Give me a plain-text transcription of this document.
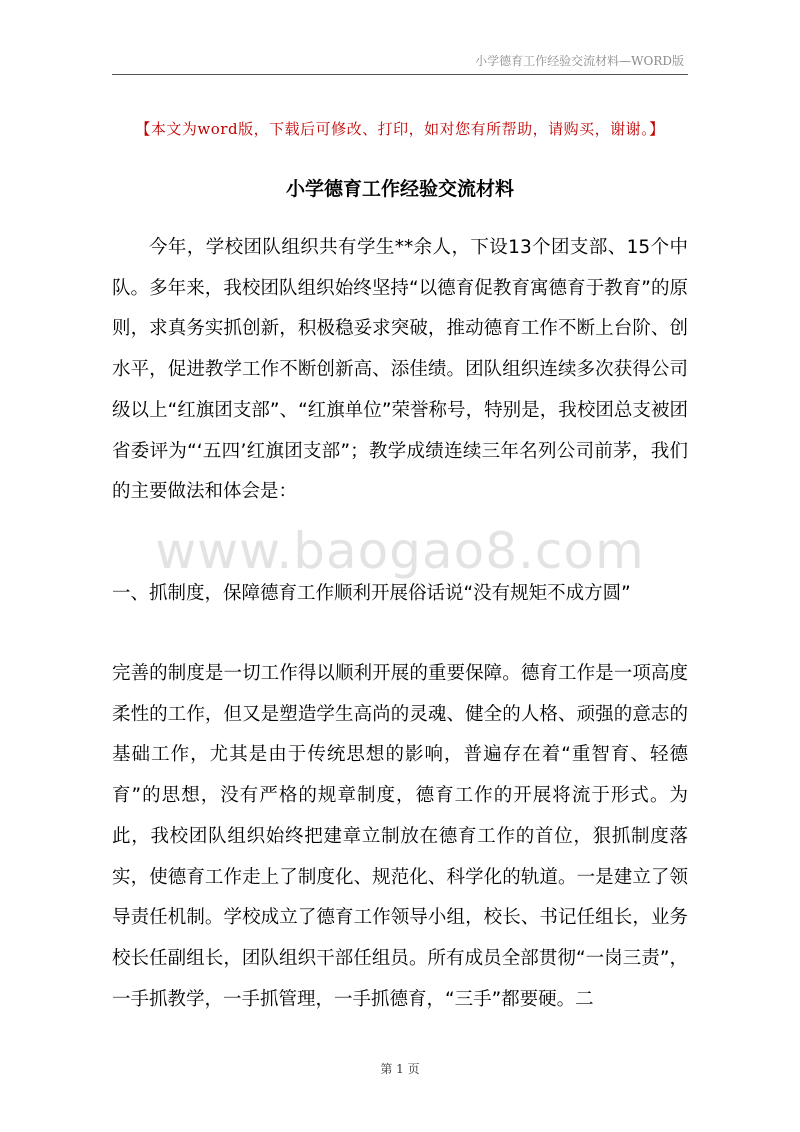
小学德育工作经验交流材料—WORD版
【本文为word版，下载后可修改、打印，如对您有所帮助，请购买，谢谢。】
小学德育工作经验交流材料

今年，学校团队组织共有学生**余人，下设13个团支部、15个中队。多年来，我校团队组织始终坚持“以德育促教育寓德育于教育”的原则，求真务实抓创新，积极稳妥求突破，推动德育工作不断上台阶、创水平，促进教学工作不断创新高、添佳绩。团队组织连续多次获得公司级以上“红旗团支部”、“红旗单位”荣誉称号，特别是，我校团总支被团省委评为“‘五四’红旗团支部”；教学成绩连续三年名列公司前茅，我们的主要做法和体会是：

www.baogao8.com

一、抓制度，保障德育工作顺利开展俗话说“没有规矩不成方圆”

完善的制度是一切工作得以顺利开展的重要保障。德育工作是一项高度柔性的工作，但又是塑造学生高尚的灵魂、健全的人格、顽强的意志的基础工作，尤其是由于传统思想的影响，普遍存在着“重智育、轻德育”的思想，没有严格的规章制度，德育工作的开展将流于形式。为此，我校团队组织始终把建章立制放在德育工作的首位，狠抓制度落实，使德育工作走上了制度化、规范化、科学化的轨道。一是建立了领导责任机制。学校成立了德育工作领导小组，校长、书记任组长，业务校长任副组长，团队组织干部任组员。所有成员全部贯彻“一岗三责”，一手抓教学，一手抓管理，一手抓德育，“三手”都要硬。二

第 1 页
